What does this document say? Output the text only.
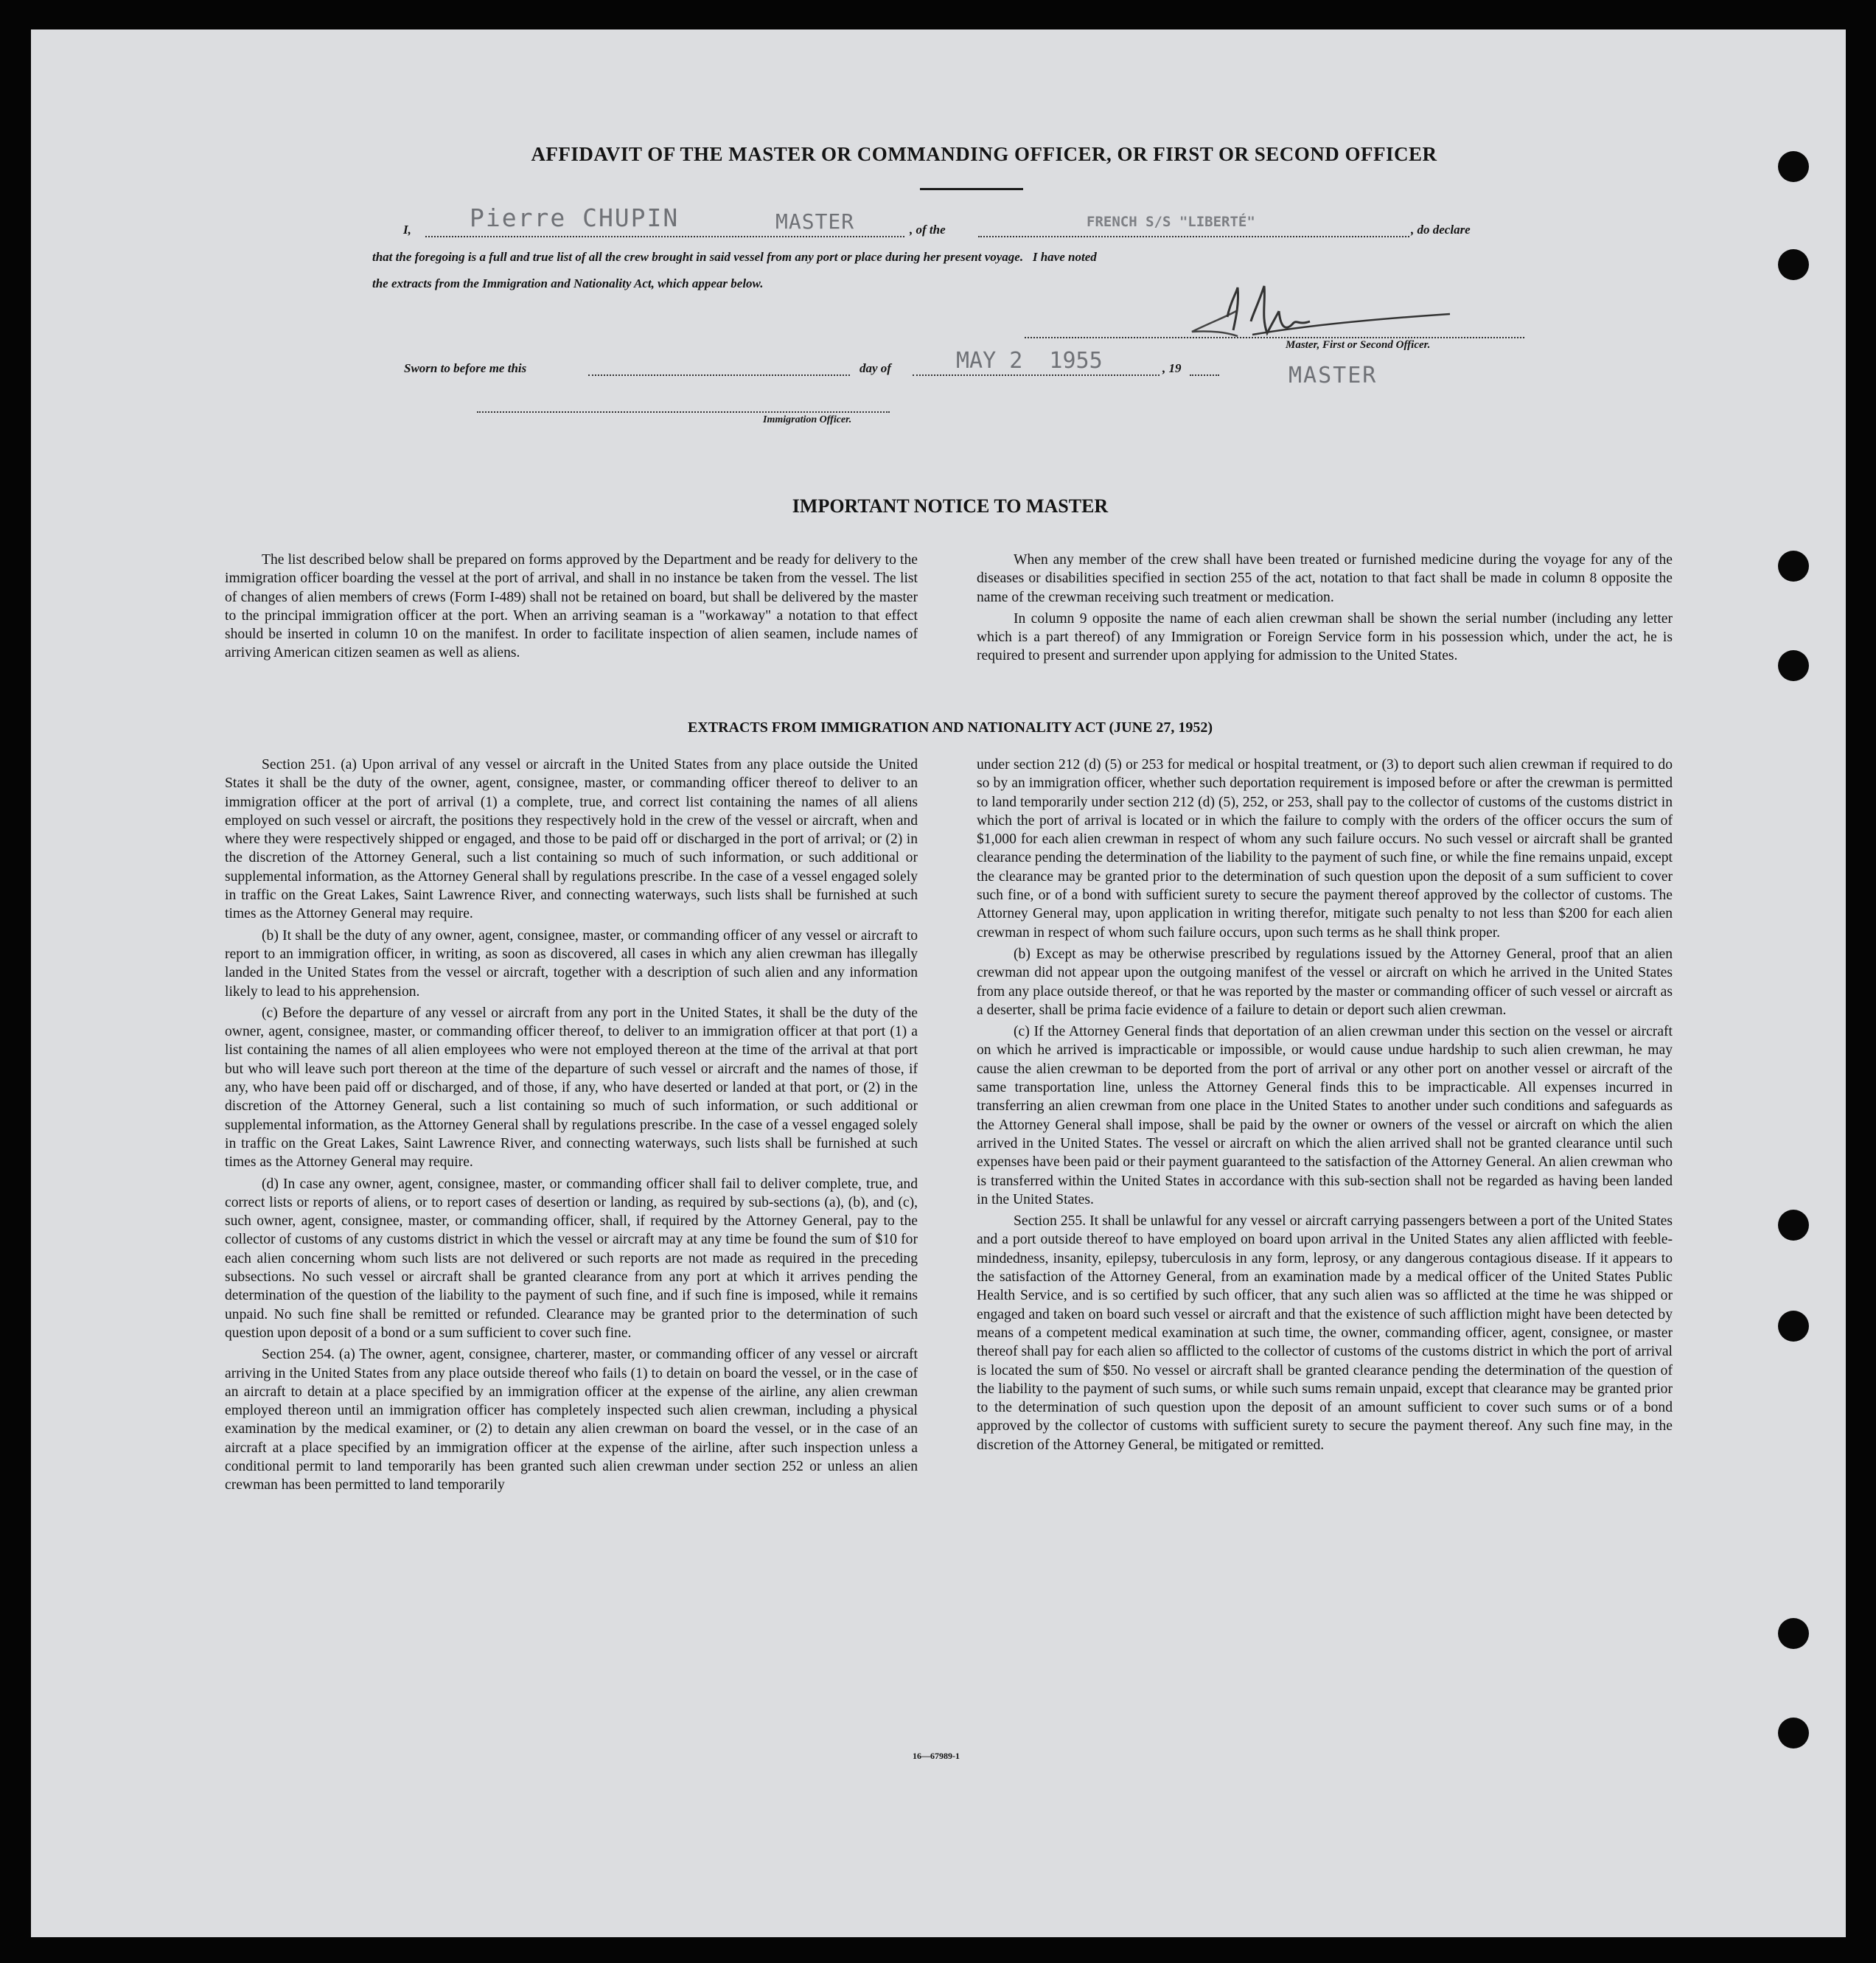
AFFIDAVIT OF THE MASTER OR COMMANDING OFFICER, OR FIRST OR SECOND OFFICER
I, Pierre CHUPIN	MASTER	, of the	FRENCH S/S "LIBERTÉ"	, do declare
that the foregoing is a full and true list of all the crew brought in said vessel from any port or place during her present voyage.   I have noted
the extracts from the Immigration and Nationality Act, which appear below.
Master, First or Second Officer.
MASTER
Sworn to before me this	day of	MAY 2  1955	, 19
Immigration Officer.
IMPORTANT NOTICE TO MASTER

The list described below shall be prepared on forms approved by the Department and be ready for delivery to the immigration officer boarding the vessel at the port of arrival, and shall in no instance be taken from the vessel. The list of changes of alien members of crews (Form I-489) shall not be retained on board, but shall be delivered by the master to the principal immigration officer at the port. When an arriving seaman is a "workaway" a notation to that effect should be inserted in column 10 on the manifest. In order to facilitate inspection of alien seamen, include names of arriving American citizen seamen as well as aliens.

When any member of the crew shall have been treated or furnished medicine during the voyage for any of the diseases or disabilities specified in section 255 of the act, notation to that fact shall be made in column 8 opposite the name of the crewman receiving such treatment or medication.

In column 9 opposite the name of each alien crewman shall be shown the serial number (including any letter which is a part thereof) of any Immigration or Foreign Service form in his possession which, under the act, he is required to present and surrender upon applying for admission to the United States.

EXTRACTS FROM IMMIGRATION AND NATIONALITY ACT (JUNE 27, 1952)

Section 251. (a) Upon arrival of any vessel or aircraft in the United States from any place outside the United States it shall be the duty of the owner, agent, consignee, master, or commanding officer thereof to deliver to an immigration officer at the port of arrival (1) a complete, true, and correct list containing the names of all aliens employed on such vessel or aircraft, the positions they respectively hold in the crew of the vessel or aircraft, when and where they were respectively shipped or engaged, and those to be paid off or discharged in the port of arrival; or (2) in the discretion of the Attorney General, such a list containing so much of such information, or such additional or supplemental information, as the Attorney General shall by regulations prescribe. In the case of a vessel engaged solely in traffic on the Great Lakes, Saint Lawrence River, and connecting waterways, such lists shall be furnished at such times as the Attorney General may require.

(b) It shall be the duty of any owner, agent, consignee, master, or commanding officer of any vessel or aircraft to report to an immigration officer, in writing, as soon as discovered, all cases in which any alien crewman has illegally landed in the United States from the vessel or aircraft, together with a description of such alien and any information likely to lead to his apprehension.

(c) Before the departure of any vessel or aircraft from any port in the United States, it shall be the duty of the owner, agent, consignee, master, or commanding officer thereof, to deliver to an immigration officer at that port (1) a list containing the names of all alien employees who were not employed thereon at the time of the arrival at that port but who will leave such port thereon at the time of the departure of such vessel or aircraft and the names of those, if any, who have been paid off or discharged, and of those, if any, who have deserted or landed at that port, or (2) in the discretion of the Attorney General, such a list containing so much of such information, or such additional or supplemental information, as the Attorney General shall by regulations prescribe. In the case of a vessel engaged solely in traffic on the Great Lakes, Saint Lawrence River, and connecting waterways, such lists shall be furnished at such times as the Attorney General may require.

(d) In case any owner, agent, consignee, master, or commanding officer shall fail to deliver complete, true, and correct lists or reports of aliens, or to report cases of desertion or landing, as required by sub-sections (a), (b), and (c), such owner, agent, consignee, master, or commanding officer, shall, if required by the Attorney General, pay to the collector of customs of any customs district in which the vessel or aircraft may at any time be found the sum of $10 for each alien concerning whom such lists are not delivered or such reports are not made as required in the preceding subsections. No such vessel or aircraft shall be granted clearance from any port at which it arrives pending the determination of the question of the liability to the payment of such fine, and if such fine is imposed, while it remains unpaid. No such fine shall be remitted or refunded. Clearance may be granted prior to the determination of such question upon deposit of a bond or a sum sufficient to cover such fine.

Section 254. (a) The owner, agent, consignee, charterer, master, or commanding officer of any vessel or aircraft arriving in the United States from any place outside thereof who fails (1) to detain on board the vessel, or in the case of an aircraft to detain at a place specified by an immigration officer at the expense of the airline, any alien crewman employed thereon until an immigration officer has completely inspected such alien crewman, including a physical examination by the medical examiner, or (2) to detain any alien crewman on board the vessel, or in the case of an aircraft at a place specified by an immigration officer at the expense of the airline, after such inspection unless a conditional permit to land temporarily has been granted such alien crewman under section 252 or unless an alien crewman has been permitted to land temporarily

under section 212 (d) (5) or 253 for medical or hospital treatment, or (3) to deport such alien crewman if required to do so by an immigration officer, whether such deportation requirement is imposed before or after the crewman is permitted to land temporarily under section 212 (d) (5), 252, or 253, shall pay to the collector of customs of the customs district in which the port of arrival is located or in which the failure to comply with the orders of the officer occurs the sum of $1,000 for each alien crewman in respect of whom any such failure occurs. No such vessel or aircraft shall be granted clearance pending the determination of the liability to the payment of such fine, or while the fine remains unpaid, except the clearance may be granted prior to the determination of such question upon the deposit of a sum sufficient to cover such fine, or of a bond with sufficient surety to secure the payment thereof approved by the collector of customs. The Attorney General may, upon application in writing therefor, mitigate such penalty to not less than $200 for each alien crewman in respect of whom such failure occurs, upon such terms as he shall think proper.

(b) Except as may be otherwise prescribed by regulations issued by the Attorney General, proof that an alien crewman did not appear upon the outgoing manifest of the vessel or aircraft on which he arrived in the United States from any place outside thereof, or that he was reported by the master or commanding officer of such vessel or aircraft as a deserter, shall be prima facie evidence of a failure to detain or deport such alien crewman.

(c) If the Attorney General finds that deportation of an alien crewman under this section on the vessel or aircraft on which he arrived is impracticable or impossible, or would cause undue hardship to such alien crewman, he may cause the alien crewman to be deported from the port of arrival or any other port on another vessel or aircraft of the same transportation line, unless the Attorney General finds this to be impracticable. All expenses incurred in transferring an alien crewman from one place in the United States to another under such conditions and safeguards as the Attorney General shall impose, shall be paid by the owner or owners of the vessel or aircraft on which the alien arrived in the United States. The vessel or aircraft on which the alien arrived shall not be granted clearance until such expenses have been paid or their payment guaranteed to the satisfaction of the Attorney General. An alien crewman who is transferred within the United States in accordance with this sub-section shall not be regarded as having been landed in the United States.

Section 255. It shall be unlawful for any vessel or aircraft carrying passengers between a port of the United States and a port outside thereof to have employed on board upon arrival in the United States any alien afflicted with feeble-mindedness, insanity, epilepsy, tuberculosis in any form, leprosy, or any dangerous contagious disease. If it appears to the satisfaction of the Attorney General, from an examination made by a medical officer of the United States Public Health Service, and is so certified by such officer, that any such alien was so afflicted at the time he was shipped or engaged and taken on board such vessel or aircraft and that the existence of such affliction might have been detected by means of a competent medical examination at such time, the owner, commanding officer, agent, consignee, or master thereof shall pay for each alien so afflicted to the collector of customs of the customs district in which the port of arrival is located the sum of $50. No vessel or aircraft shall be granted clearance pending the determination of the question of the liability to the payment of such sums, or while such sums remain unpaid, except that clearance may be granted prior to the determination of such question upon the deposit of an amount sufficient to cover such sums or of a bond approved by the collector of customs with sufficient surety to secure the payment thereof. Any such fine may, in the discretion of the Attorney General, be mitigated or remitted.

16—67989-1
